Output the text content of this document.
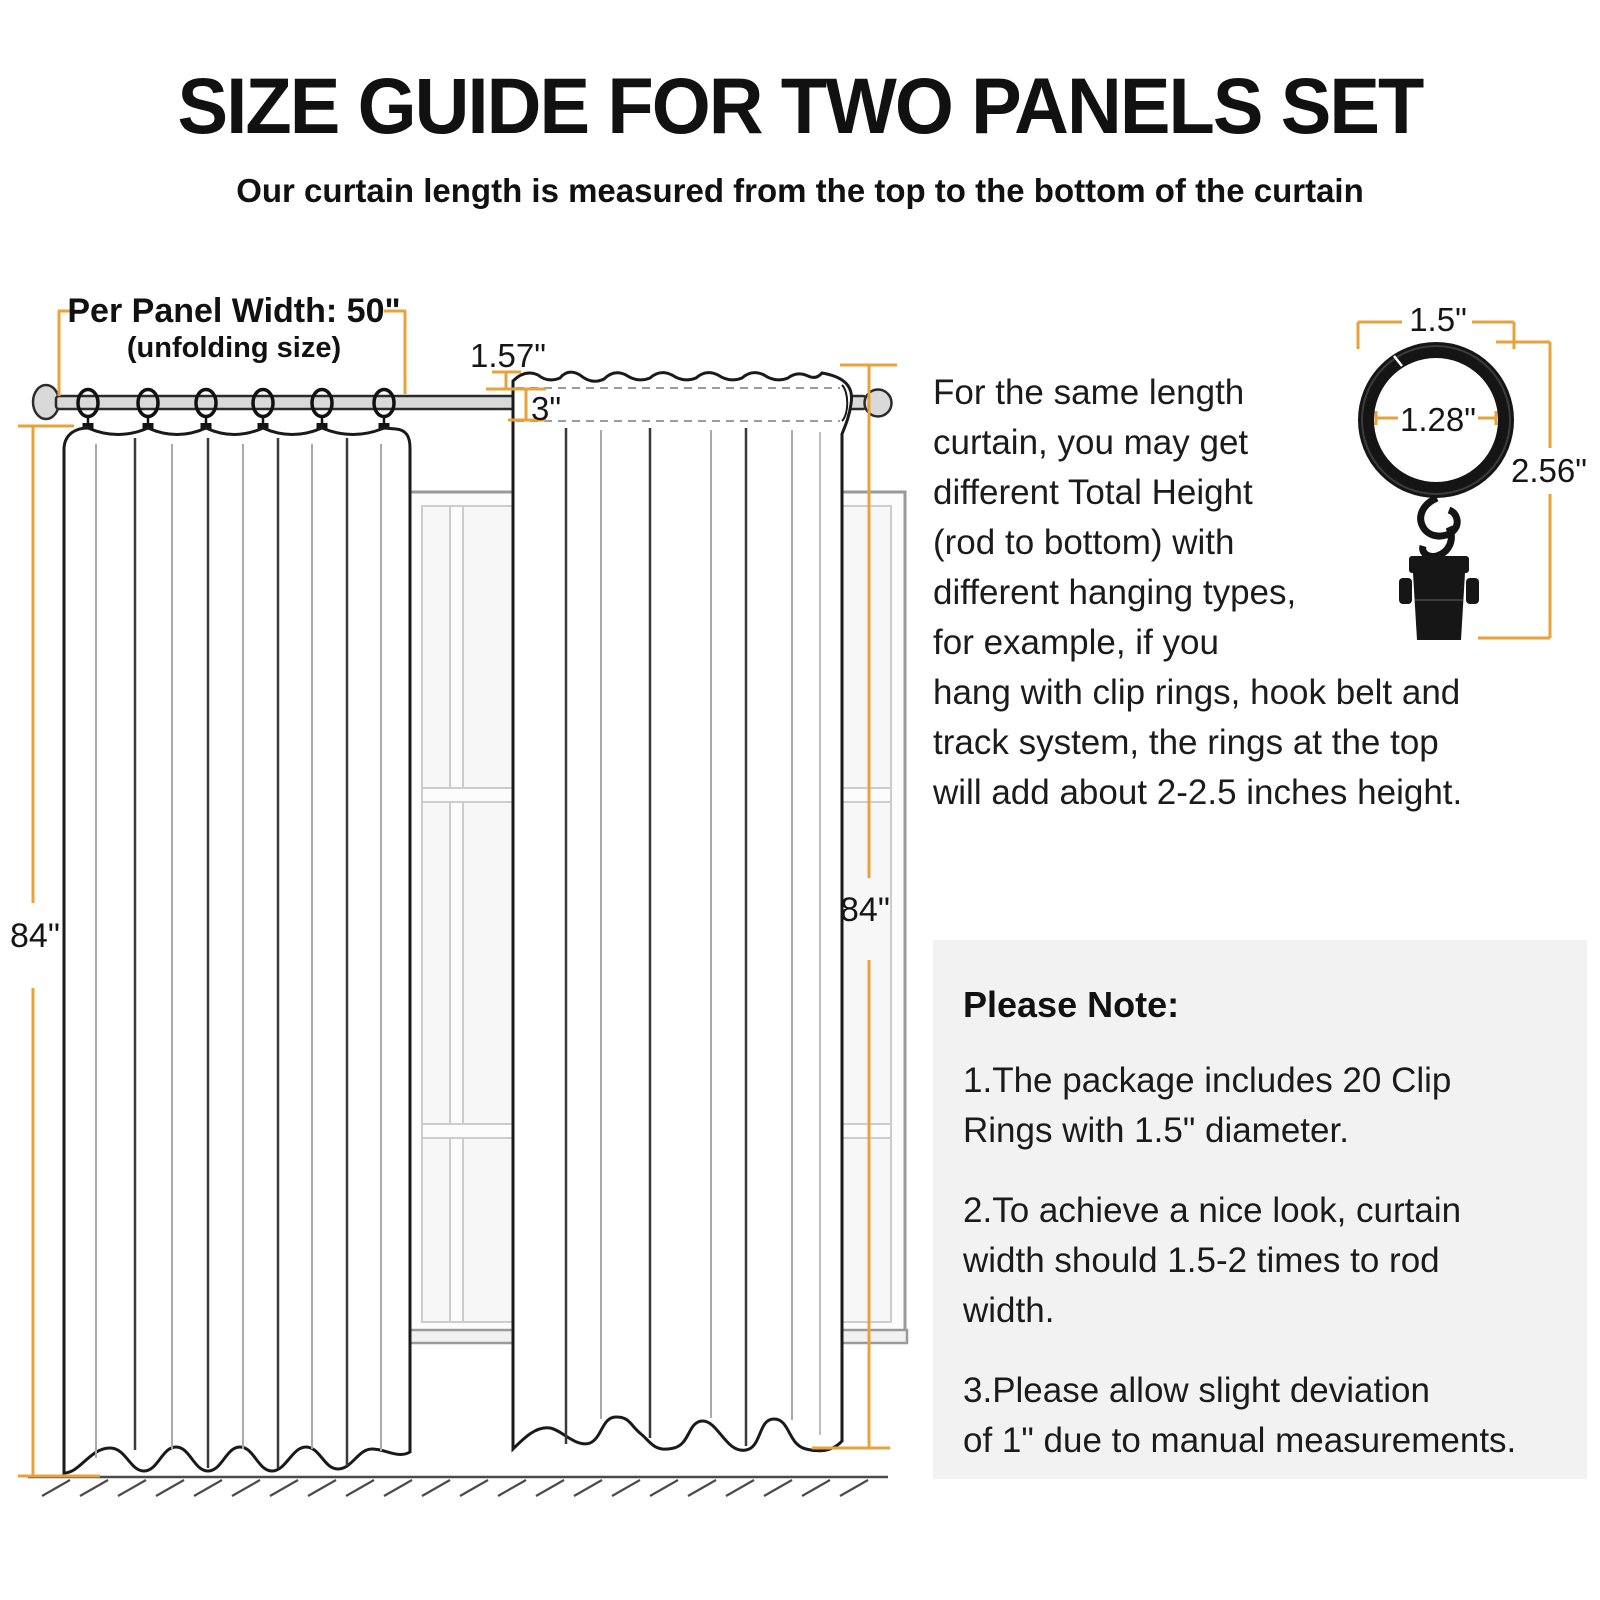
SIZE GUIDE FOR TWO PANELS SET
Our curtain length is measured from the top to the bottom of the curtain
Per Panel Width: 50"
(unfolding size)	1.57"
3"
84"
84"
1.5"
1.28"
2.56"
For the same length
curtain, you may get
different Total Height
(rod to bottom) with
different hanging types,
for example, if you
hang with clip rings, hook belt and
track system, the rings at the top
will add about 2-2.5 inches height.
Please Note:
1.The package includes 20 Clip
Rings with 1.5" diameter.
2.To achieve a nice look, curtain
width should 1.5-2 times to rod
width.
3.Please allow slight deviation
of 1" due to manual measurements.
